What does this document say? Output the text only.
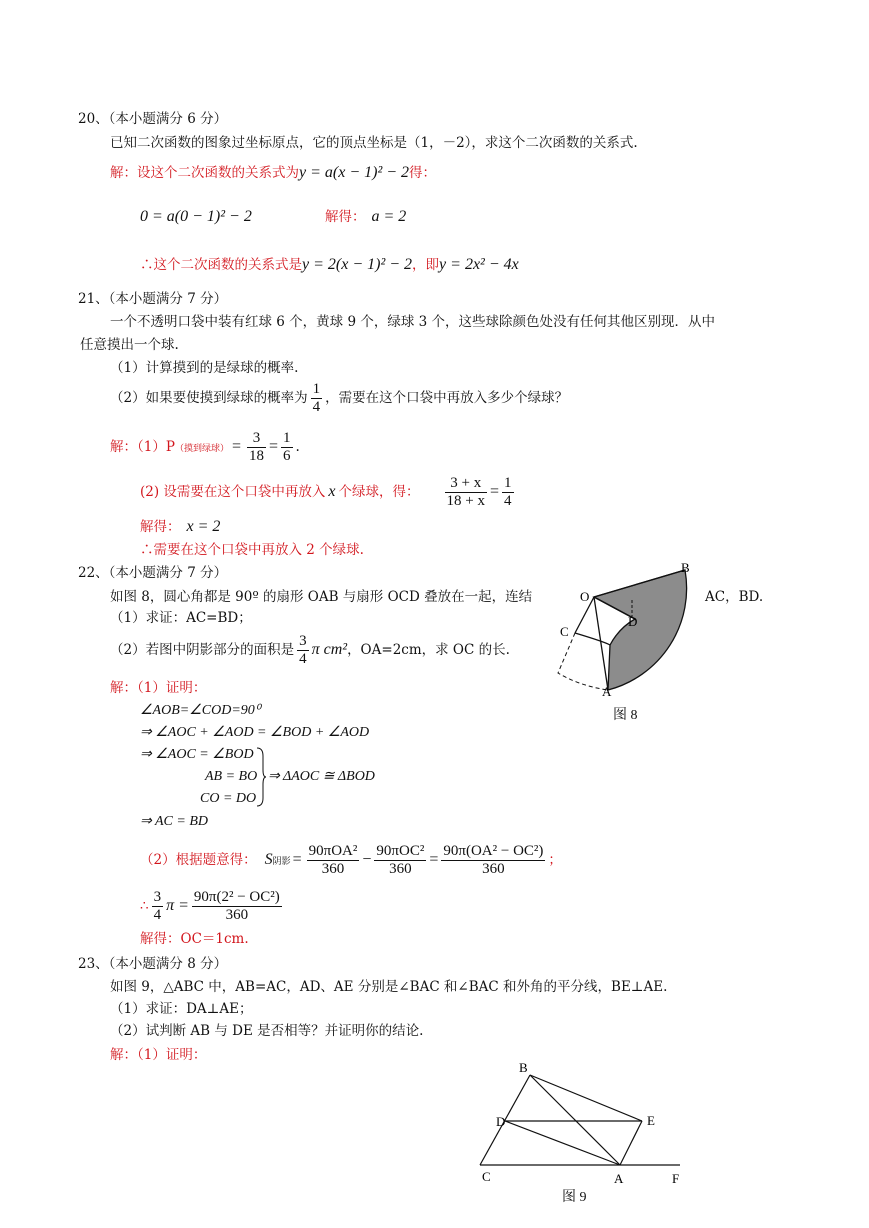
20、（本小题满分 6 分）
已知二次函数的图象过坐标原点，它的顶点坐标是（1，－2），求这个二次函数的关系式.
解：设这个二次函数的关系式为y = a(x − 1)² − 2得：
0 = a(0 − 1)² − 2	解得： a = 2
∴这个二次函数的关系式是y = 2(x − 1)² − 2，即y = 2x² − 4x
21、（本小题满分 7 分）
一个不透明口袋中装有红球 6 个，黄球 9 个，绿球 3 个，这些球除颜色处没有任何其他区别现．从中
任意摸出一个球.
（1）计算摸到的是绿球的概率.
（2）如果要使摸到绿球的概率为 $\frac{1}{4}$ ，需要在这个口袋中再放入多少个绿球？
解：（1）P（摸到绿球） = $\frac{3}{18} = \frac{1}{6}$ .
(2) 设需要在这个口袋中再放入 x 个绿球，得： $\frac{3 + x}{18 + x} = \frac{1}{4}$
解得： x = 2
∴需要在这个口袋中再放入 2 个绿球.
22、（本小题满分 7 分）
如图 8，圆心角都是 90º 的扇形 OAB 与扇形 OCD 叠放在一起，连结	AC，BD.
（1）求证：AC=BD；
（2）若图中阴影部分的面积是 $\frac{3}{4}$ π cm²，OA=2cm，求 OC 的长.
解：（1）证明：
∠AOB=∠COD=90⁰
⇒ ∠AOC + ∠AOD = ∠BOD + ∠AOD
⇒ ∠AOC = ∠BOD
AB = BO
CO = DO
⇒ ΔAOC ≅ ΔBOD
⇒ AC = BD
（2）根据题意得： S阴影 = $\frac{\text{90πOA²}}{360} - \frac{\text{90πOC²}}{360} = \frac{\text{90π(OA² − OC²)}}{360}$ ；
∴ $\frac{3}{4}$ $\pi = \frac{\text{90π(2² − OC²)}}{360}$
解得：OC＝1cm.
O
B
D
C
A
图 8
23、（本小题满分 8 分）
如图 9，△ABC 中，AB=AC，AD、AE 分别是∠BAC 和∠BAC 和外角的平分线，BE⊥AE.
（1）求证：DA⊥AE；
（2）试判断 AB 与 DE 是否相等？并证明你的结论.
解：（1）证明：
B
D	E
C	A	F
图 9
